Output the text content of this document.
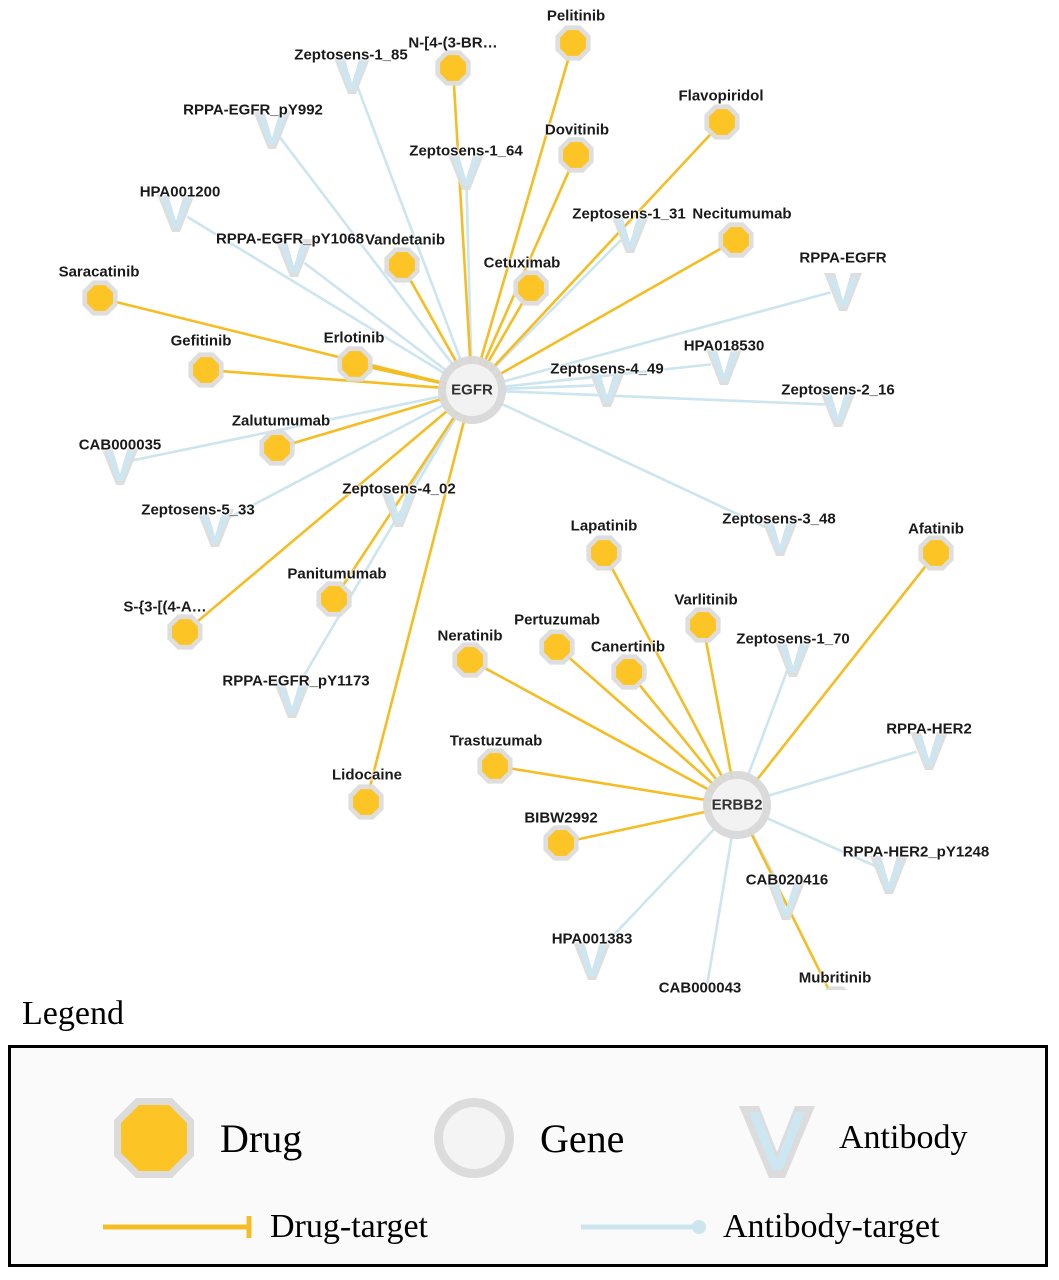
Zeptosens-1_85
RPPA-EGFR_pY992
Zeptosens-1_64
HPA001200
Zeptosens-1_31
RPPA-EGFR_pY1068
RPPA-EGFR
HPA018530
Zeptosens-4_49
Zeptosens-2_16
CAB000035
Zeptosens-5_33
Zeptosens-4_02
Zeptosens-3_48
Zeptosens-1_70
RPPA-EGFR_pY1173
RPPA-HER2
RPPA-HER2_pY1248
CAB020416
HPA001383
CAB000043
Pelitinib
N-[4-(3-BR…
Flavopiridol
Dovitinib
Necitumumab
Vandetanib
Cetuximab
Saracatinib
Gefitinib	Erlotinib
Zalutumumab
Lapatinib	Afatinib
Varlitinib
Panitumumab
S-{3-[(4-A…
Pertuzumab
Neratinib
Canertinib
Trastuzumab
Lidocaine
BIBW2992
Mubritinib
EGFR
ERBB2
Legend
Drug	Gene	Antibody
Drug-target	Antibody-target
